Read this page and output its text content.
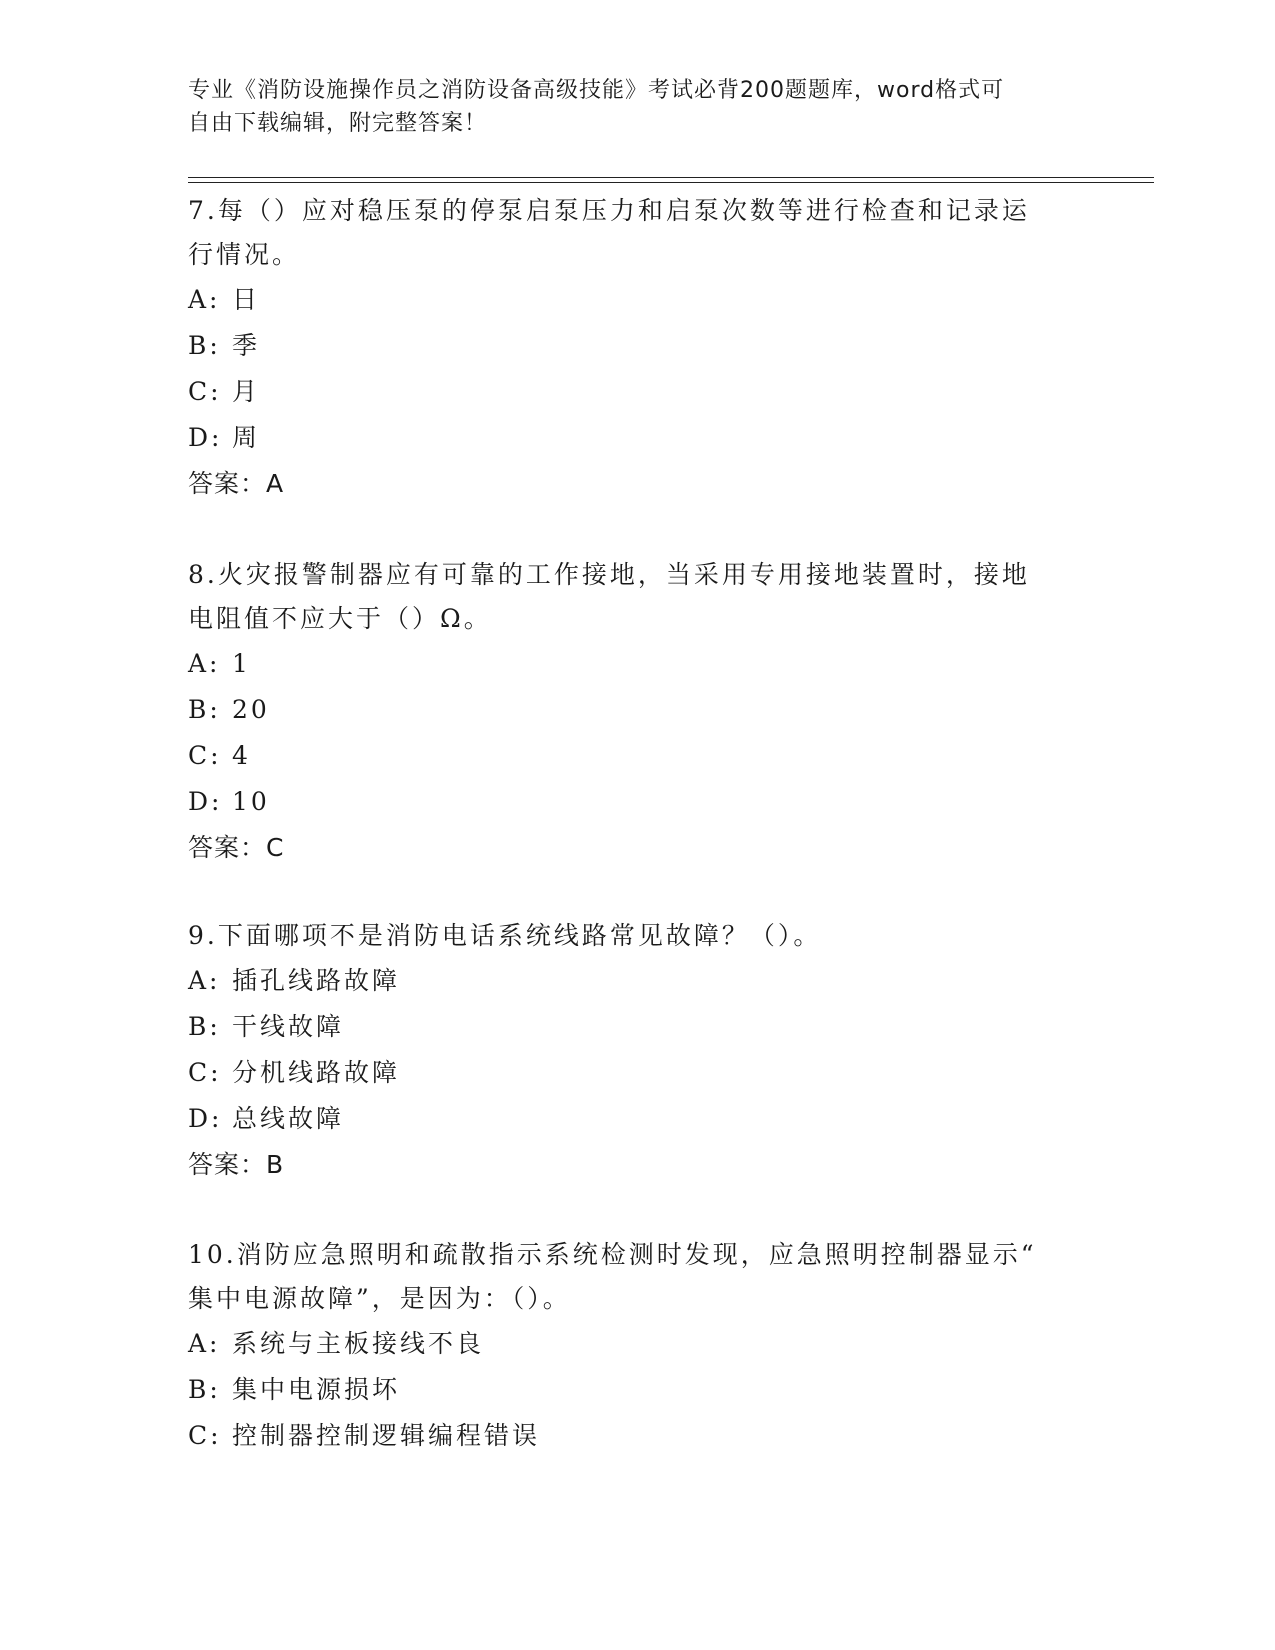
专业《消防设施操作员之消防设备高级技能》考试必背200题题库，word格式可
自由下载编辑，附完整答案！
7.每（）应对稳压泵的停泵启泵压力和启泵次数等进行检查和记录运
行情况。
A: 日
B: 季
C: 月
D: 周
答案：A
8.火灾报警制器应有可靠的工作接地，当采用专用接地装置时，接地
电阻值不应大于（）Ω。
A: 1
B: 20
C: 4
D: 10
答案：C
9.下面哪项不是消防电话系统线路常见故障？（）。
A: 插孔线路故障
B: 干线故障
C: 分机线路故障
D: 总线故障
答案：B
10.消防应急照明和疏散指示系统检测时发现，应急照明控制器显示“
集中电源故障”，是因为：（）。
A: 系统与主板接线不良
B: 集中电源损坏
C: 控制器控制逻辑编程错误
